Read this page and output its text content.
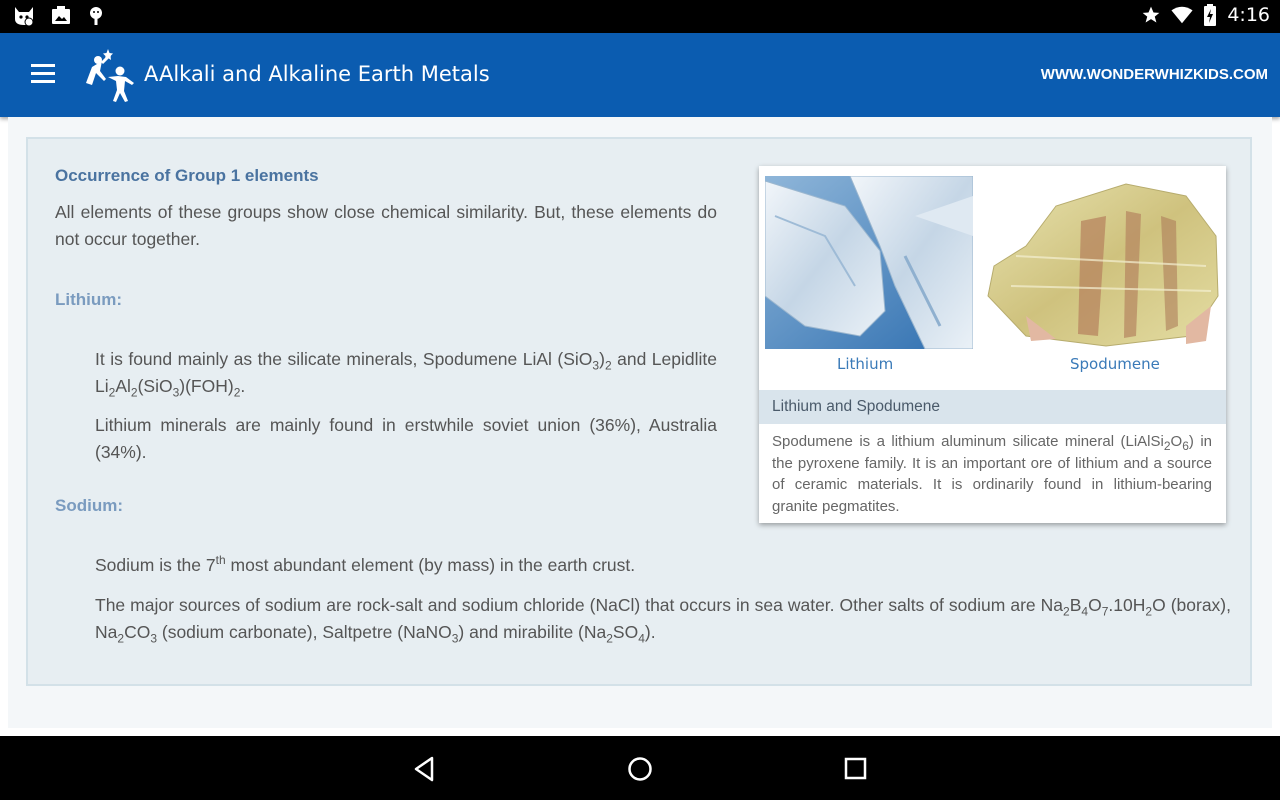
4:16
AAlkali and Alkaline Earth Metals	WWW.WONDERWHIZKIDS.COM
Occurrence of Group 1 elements
All elements of these groups show close chemical similarity. But, these elements do not occur together.
Lithium:
It is found mainly as the silicate minerals, Spodumene LiAl $(SiO_3)_2$ and Lepidlite $Li_2Al_2(SiO_3)(FOH)_2$.
Lithium minerals are mainly found in erstwhile soviet union (36%), Australia (34%).
Sodium:
Sodium is the 7th most abundant element (by mass) in the earth crust.
The major sources of sodium are rock-salt and sodium chloride (NaCl) that occurs in sea water. Other salts of sodium are $Na_2B_4O_7.10H_2O$ (borax), $Na_2CO_3$ (sodium carbonate), Saltpetre (NaNO$_3$) and mirabilite $(Na_2SO_4)$.
Lithium	Spodumene
Lithium and Spodumene
Spodumene is a lithium aluminum silicate mineral $(LiAlSi_2O_6)$ in the pyroxene family. It is an important ore of lithium and a source of ceramic materials. It is ordinarily found in lithium-bearing granite pegmatites.
